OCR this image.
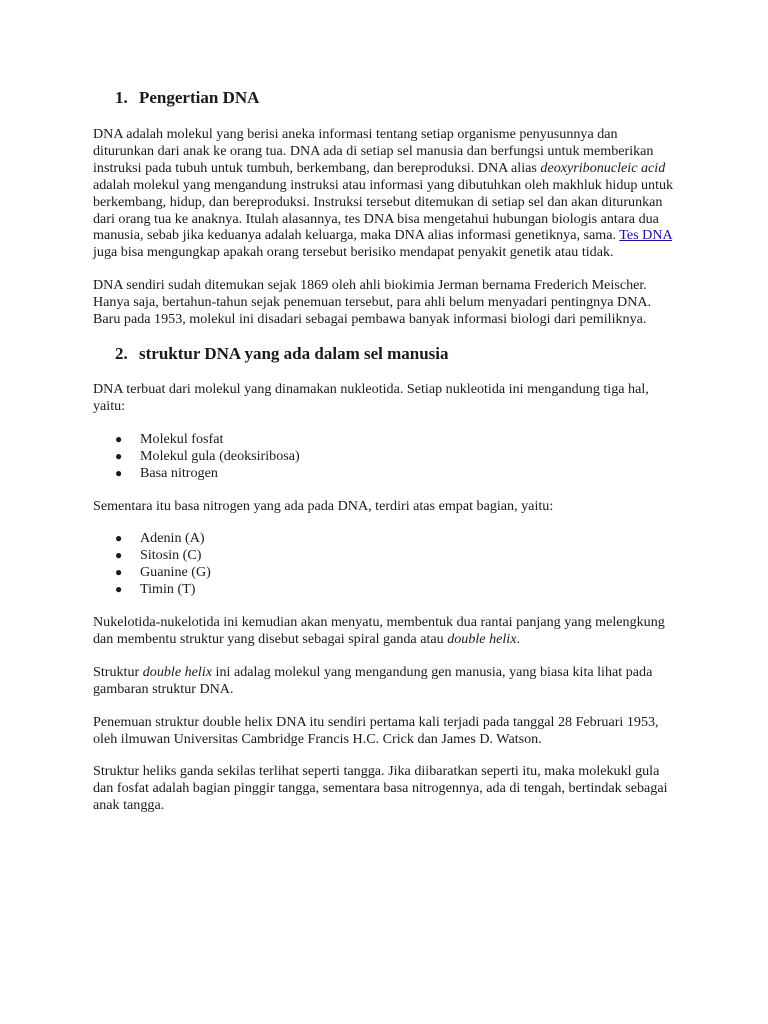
1. Pengertian DNA

DNA adalah molekul yang berisi aneka informasi tentang setiap organisme penyusunnya dan diturunkan dari anak ke orang tua. DNA ada di setiap sel manusia dan berfungsi untuk memberikan instruksi pada tubuh untuk tumbuh, berkembang, dan bereproduksi. DNA alias deoxyribonucleic acid adalah molekul yang mengandung instruksi atau informasi yang dibutuhkan oleh makhluk hidup untuk berkembang, hidup, dan bereproduksi. Instruksi tersebut ditemukan di setiap sel dan akan diturunkan dari orang tua ke anaknya. Itulah alasannya, tes DNA bisa mengetahui hubungan biologis antara dua manusia, sebab jika keduanya adalah keluarga, maka DNA alias informasi genetiknya, sama. Tes DNA juga bisa mengungkap apakah orang tersebut berisiko mendapat penyakit genetik atau tidak.

DNA sendiri sudah ditemukan sejak 1869 oleh ahli biokimia Jerman bernama Frederich Meischer. Hanya saja, bertahun-tahun sejak penemuan tersebut, para ahli belum menyadari pentingnya DNA. Baru pada 1953, molekul ini disadari sebagai pembawa banyak informasi biologi dari pemiliknya.

2. struktur DNA yang ada dalam sel manusia

DNA terbuat dari molekul yang dinamakan nukleotida. Setiap nukleotida ini mengandung tiga hal, yaitu:

● Molekul fosfat
● Molekul gula (deoksiribosa)
● Basa nitrogen

Sementara itu basa nitrogen yang ada pada DNA, terdiri atas empat bagian, yaitu:

● Adenin (A)
● Sitosin (C)
● Guanine (G)
● Timin (T)

Nukelotida-nukelotida ini kemudian akan menyatu, membentuk dua rantai panjang yang melengkung dan membentu struktur yang disebut sebagai spiral ganda atau double helix.

Struktur double helix ini adalag molekul yang mengandung gen manusia, yang biasa kita lihat pada gambaran struktur DNA.

Penemuan struktur double helix DNA itu sendiri pertama kali terjadi pada tanggal 28 Februari 1953, oleh ilmuwan Universitas Cambridge Francis H.C. Crick dan James D. Watson.

Struktur heliks ganda sekilas terlihat seperti tangga. Jika diibaratkan seperti itu, maka molekukl gula dan fosfat adalah bagian pinggir tangga, sementara basa nitrogennya, ada di tengah, bertindak sebagai anak tangga.
